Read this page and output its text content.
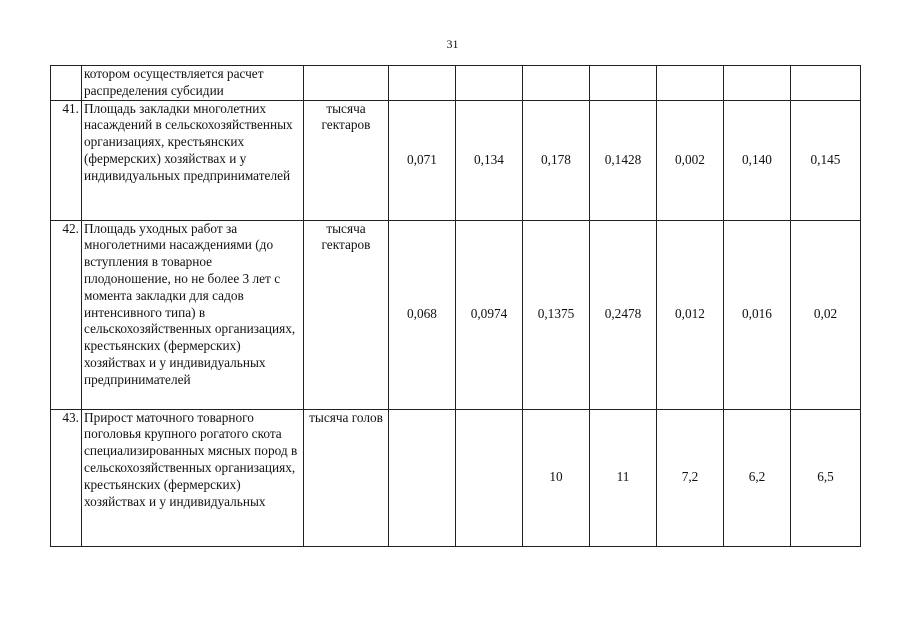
31
	котором осуществляется расчет распределения субсидии								
41.	Площадь закладки многолетних насаждений в сельскохозяйственных организациях, крестьянских (фермерских) хозяйствах и у индивидуальных предпринимателей	тысяча гектаров	0,071	0,134	0,178	0,1428	0,002	0,140	0,145
42.	Площадь уходных работ за многолетними насаждениями (до вступления в товарное плодоношение, но не более 3 лет с момента закладки для садов интенсивного типа) в сельскохозяйственных организациях, крестьянских (фермерских) хозяйствах и у индивидуальных предпринимателей	тысяча гектаров	0,068	0,0974	0,1375	0,2478	0,012	0,016	0,02
43.	Прирост маточного товарного поголовья крупного рогатого скота специализированных мясных пород в сельскохозяйственных организациях, крестьянских (фермерских) хозяйствах и у индивидуальных	тысяча голов			10	11	7,2	6,2	6,5
